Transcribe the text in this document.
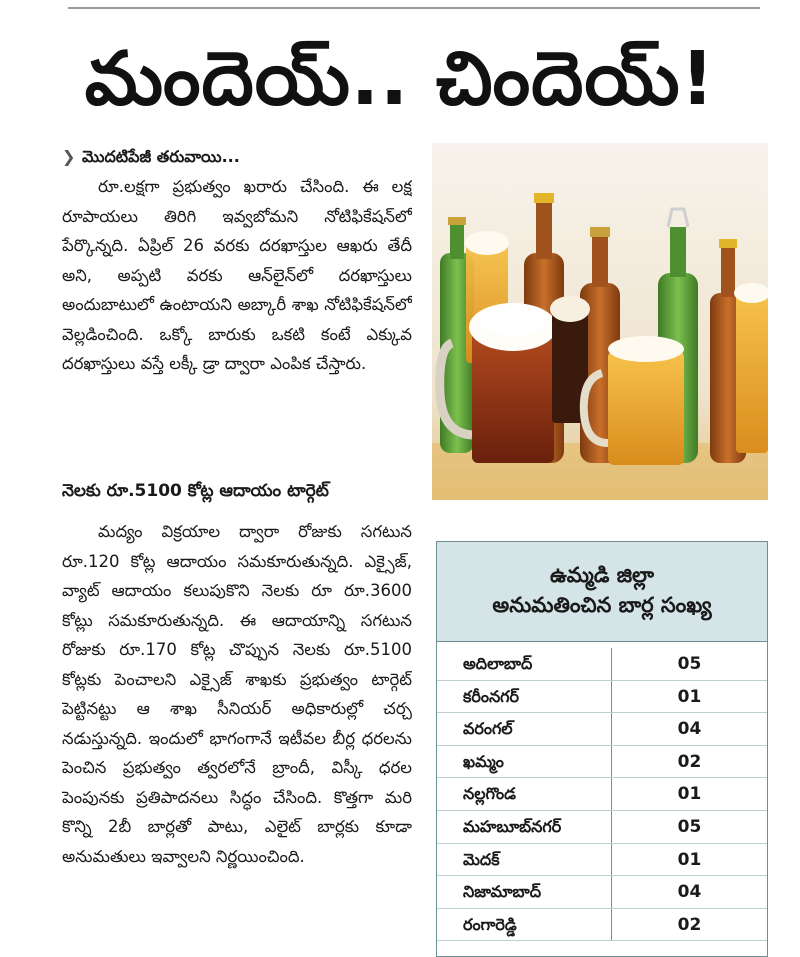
మందెయ్.. చిందెయ్!
❯ మొదటిపేజీ తరువాయి...
రూ.లక్షగా ప్రభుత్వం ఖరారు చేసింది. ఈ లక్ష రూపాయలు తిరిగి ఇవ్వబోమని నోటిఫికేషన్‌లో పేర్కొన్నది. ఏప్రిల్ 26 వరకు దరఖాస్తుల ఆఖరు తేదీ అని, అప్పటి వరకు ఆన్‌లైన్‌లో దరఖాస్తులు అందుబాటులో ఉంటాయని అబ్కారీ శాఖ నోటిఫికేషన్‌లో వెల్లడించింది. ఒక్కో బారుకు ఒకటి కంటే ఎక్కువ దరఖాస్తులు వస్తే లక్కీ డ్రా ద్వారా ఎంపిక చేస్తారు.
నెలకు రూ.5100 కోట్ల ఆదాయం టార్గెట్
మద్యం విక్రయాల ద్వారా రోజుకు సగటున రూ.120 కోట్ల ఆదాయం సమకూరుతున్నది. ఎక్సైజ్, వ్యాట్ ఆదాయం కలుపుకొని నెలకు రూ రూ.3600 కోట్లు సమకూరుతున్నది. ఈ ఆదాయాన్ని సగటున రోజుకు రూ.170 కోట్ల చొప్పున నెలకు రూ.5100 కోట్లకు పెంచాలని ఎక్సైజ్ శాఖకు ప్రభుత్వం టార్గెట్ పెట్టినట్టు ఆ శాఖ సీనియర్ అధికారుల్లో చర్చ నడుస్తున్నది. ఇందులో భాగంగానే ఇటీవల బీర్ల ధరలను పెంచిన ప్రభుత్వం త్వరలోనే బ్రాందీ, విస్కీ ధరల పెంపునకు ప్రతిపాదనలు సిద్ధం చేసింది. కొత్తగా మరి కొన్ని 2బీ బార్లతో పాటు, ఎలైట్ బార్లకు కూడా అనుమతులు ఇవ్వాలని నిర్ణయించింది.
ఉమ్మడి జిల్లా
అనుమతించిన బార్ల సంఖ్య
అదిలాబాద్	05
కరీంనగర్	01
వరంగల్	04
ఖమ్మం	02
నల్లగొండ	01
మహబూబ్‌నగర్	05
మెదక్	01
నిజామాబాద్	04
రంగారెడ్డి	02
